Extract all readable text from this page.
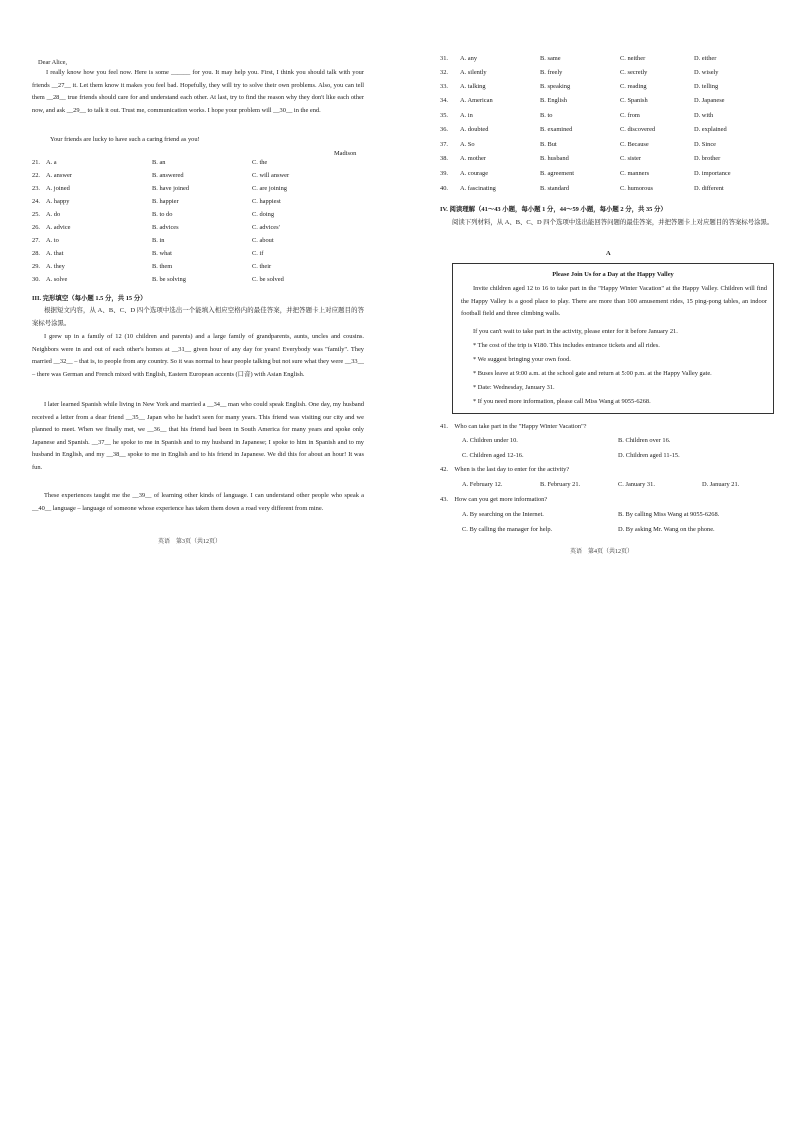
Dear Alice,
I really know how you feel now. Here is some ______ for you. It may help you. First, I think you should talk with your friends __27__ it. Let them know it makes you feel bad. Hopefully, they will try to solve their own problems. Also, you can tell them __28__ true friends should care for and understand each other. At last, try to find the reason why they don't like each other now, and ask __29__ to talk it out. Trust me, communication works. I hope your problem will __30__ in the end.
Your friends are lucky to have such a caring friend as you!
Madison
21. A. a	B. an	C. the
22. A. answer	B. answered	C. will answer
23. A. joined	B. have joined	C. are joining
24. A. happy	B. happier	C. happiest
25. A. do	B. to do	C. doing
26. A. advice	B. advices	C. advices'
27. A. to	B. in	C. about
28. A. that	B. what	C. if
29. A. they	B. them	C. their
30. A. solve	B. be solving	C. be solved
III. 完形填空（每小题 1.5 分，共 15 分）
根据短文内容，从 A、B、C、D 四个选项中选出一个能填入相应空格内的最佳答案，并把答题卡上对应题目的答案标号涂黑。
I grew up in a family of 12 (10 children and parents) and a large family of grandparents, aunts, uncles and cousins. Neighbors were in and out of each other's homes at __31__ given hour of any day for years! Everybody was "family". They married __32__ – that is, to people from any country. So it was normal to hear people talking but not sure what they were __33__ – there was German and French mixed with English, Eastern European accents (口音) with Asian English.
I later learned Spanish while living in New York and married a __34__ man who could speak English. One day, my husband received a letter from a dear friend __35__ Japan who he hadn't seen for many years. This friend was visiting our city and we planned to meet. When we finally met, we __36__ that his friend had been in South America for many years and spoke only Japanese and Spanish. __37__ he spoke to me in Spanish and to my husband in Japanese; I spoke to him in Spanish and to my husband in English, and my __38__ spoke to me in English and to his friend in Japanese. We did this for about an hour! It was fun.
These experiences taught me the __39__ of learning other kinds of language. I can understand other people who speak a __40__ language – language of someone whose experience has taken them down a road very different from mine.
英语　第3页（共12页）
31. A. any	B. same	C. neither	D. either
32. A. silently	B. freely	C. secretly	D. wisely
33. A. talking	B. speaking	C. reading	D. telling
34. A. American	B. English	C. Spanish	D. Japanese
35. A. in	B. to	C. from	D. with
36. A. doubted	B. examined	C. discovered	D. explained
37. A. So	B. But	C. Because	D. Since
38. A. mother	B. husband	C. sister	D. brother
39. A. courage	B. agreement	C. manners	D. importance
40. A. fascinating	B. standard	C. humorous	D. different
IV. 阅读理解（41～43 小题，每小题 1 分，44～59 小题，每小题 2 分，共 35 分）
阅读下列材料，从 A、B、C、D 四个选项中选出能回答问题的最佳答案，并把答题卡上对应题目的答案标号涂黑。
A
Please Join Us for a Day at the Happy Valley
Invite children aged 12 to 16 to take part in the "Happy Winter Vacation" at the Happy Valley. Children will find the Happy Valley is a good place to play. There are more than 100 amusement rides, 15 ping-pong tables, an indoor football field and three climbing walls.
If you can't wait to take part in the activity, please enter for it before January 21.
* The cost of the trip is ¥180. This includes entrance tickets and all rides.
* We suggest bringing your own food.
* Buses leave at 9:00 a.m. at the school gate and return at 5:00 p.m. at the Happy Valley gate.
* Date: Wednesday, January 31.
* If you need more information, please call Miss Wang at 9055-6268.
41.　Who can take part in the "Happy Winter Vacation"?
A. Children under 10.	B. Children over 16.
C. Children aged 12-16.	D. Children aged 11-15.
42.　When is the last day to enter for the activity?
A. February 12.	B. February 21.	C. January 31.	D. January 21.
43.　How can you get more information?
A. By searching on the Internet.	B. By calling Miss Wang at 9055-6268.
C. By calling the manager for help.	D. By asking Mr. Wang on the phone.
英语　第4页（共12页）
